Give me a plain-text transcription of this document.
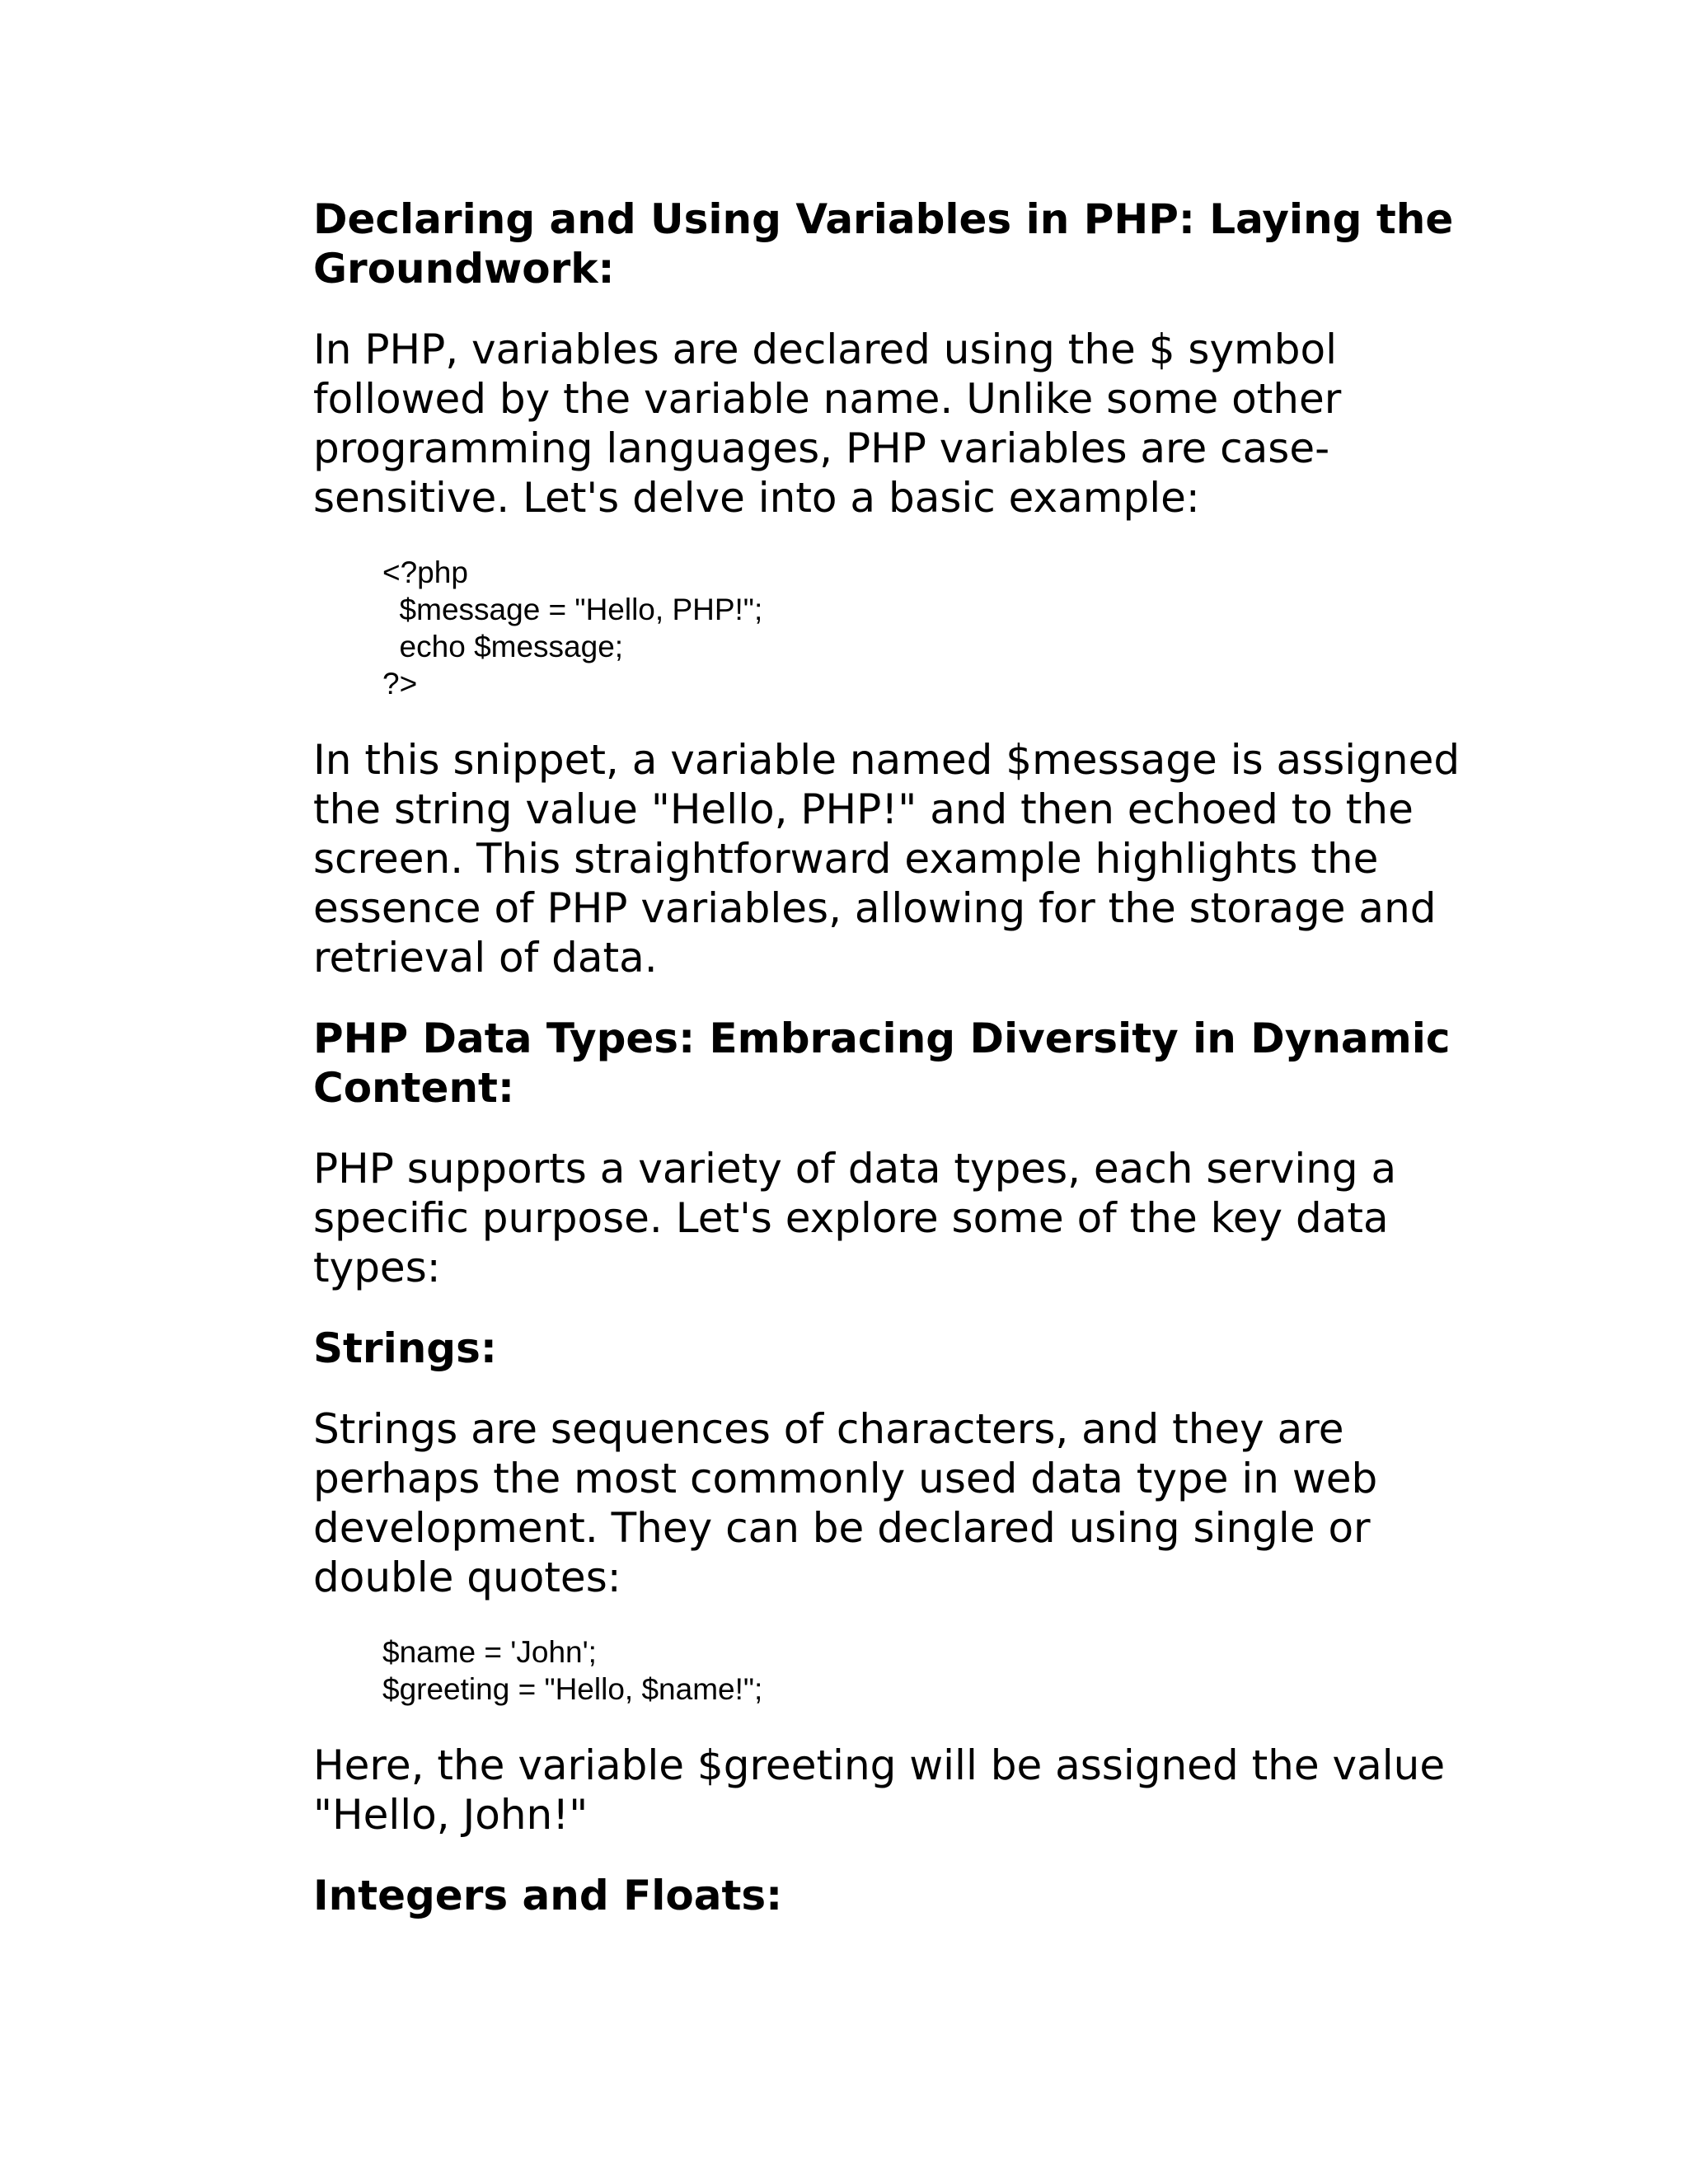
Declaring and Using Variables in PHP: Laying the Groundwork:

In PHP, variables are declared using the $ symbol followed by the variable name. Unlike some other programming languages, PHP variables are case-sensitive. Let's delve into a basic example:

<?php
$message = "Hello, PHP!";
echo $message;
?>

In this snippet, a variable named $message is assigned the string value "Hello, PHP!" and then echoed to the screen. This straightforward example highlights the essence of PHP variables, allowing for the storage and retrieval of data.

PHP Data Types: Embracing Diversity in Dynamic Content:

PHP supports a variety of data types, each serving a specific purpose. Let's explore some of the key data types:

Strings:

Strings are sequences of characters, and they are perhaps the most commonly used data type in web development. They can be declared using single or double quotes:

$name = 'John';
$greeting = "Hello, $name!";

Here, the variable $greeting will be assigned the value "Hello, John!"

Integers and Floats:
